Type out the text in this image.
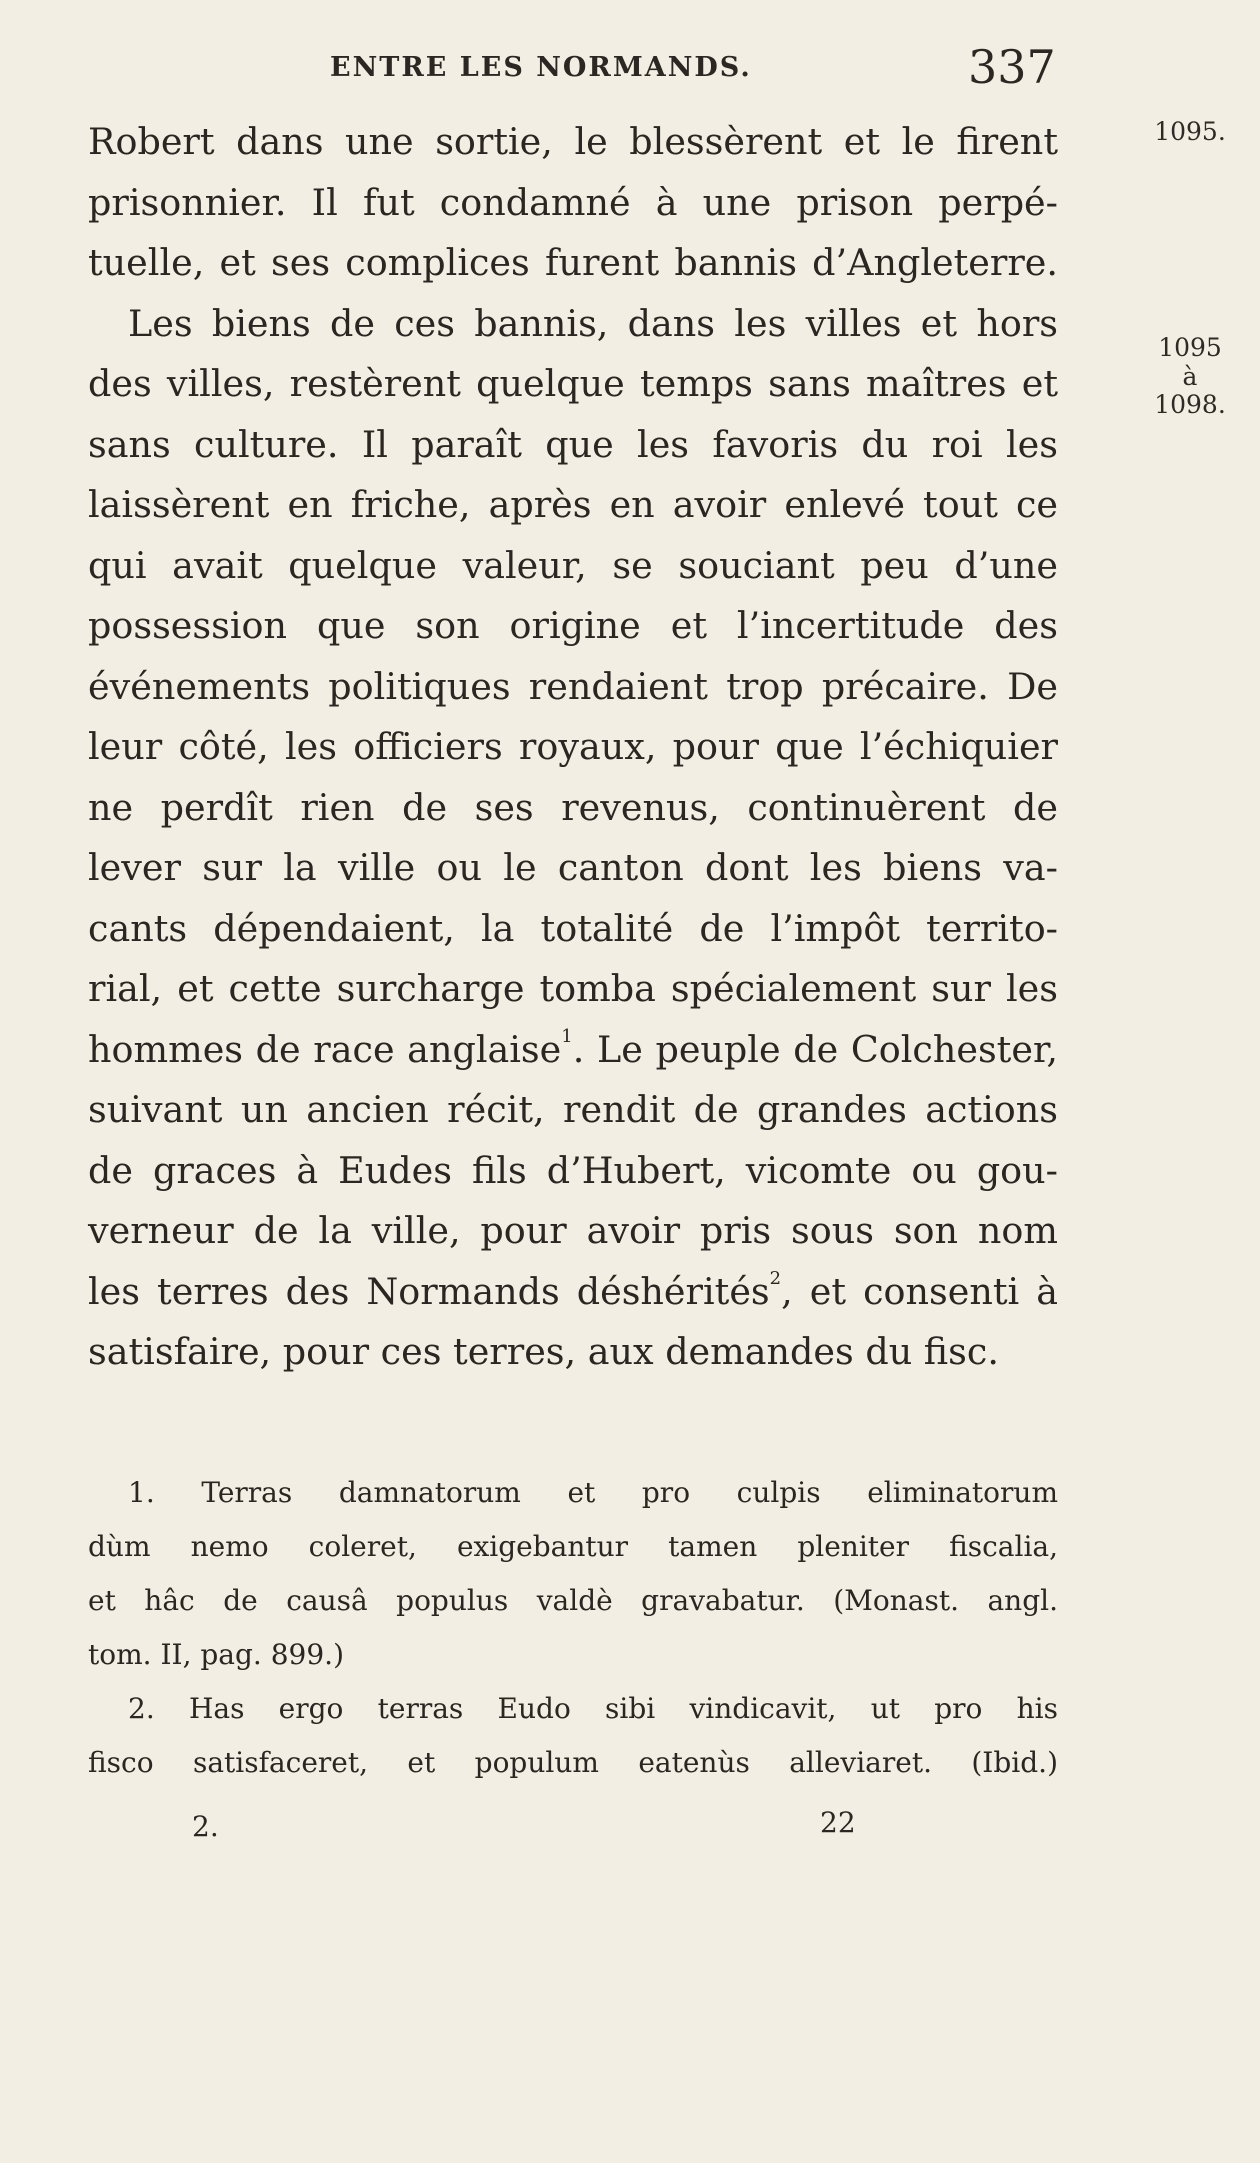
ENTRE LES NORMANDS.	337
1095.
1095
à
1098.
Robert dans une sortie, le blessèrent et le firent
prisonnier. Il fut condamné à une prison perpé-
tuelle, et ses complices furent bannis d’Angleterre.
Les biens de ces bannis, dans les villes et hors
des villes, restèrent quelque temps sans maîtres et
sans culture. Il paraît que les favoris du roi les
laissèrent en friche, après en avoir enlevé tout ce
qui avait quelque valeur, se souciant peu d’une
possession que son origine et l’incertitude des
événements politiques rendaient trop précaire. De
leur côté, les officiers royaux, pour que l’échiquier
ne perdît rien de ses revenus, continuèrent de
lever sur la ville ou le canton dont les biens va-
cants dépendaient, la totalité de l’impôt territo-
rial, et cette surcharge tomba spécialement sur les
hommes de race anglaise$^1$. Le peuple de Colchester,
suivant un ancien récit, rendit de grandes actions
de graces à Eudes fils d’Hubert, vicomte ou gou-
verneur de la ville, pour avoir pris sous son nom
les terres des Normands déshérités$^2$, et consenti à
satisfaire, pour ces terres, aux demandes du fisc.
1. Terras damnatorum et pro culpis eliminatorum
dùm nemo coleret, exigebantur tamen pleniter fiscalia,
et hâc de causâ populus valdè gravabatur. (Monast. angl.
tom. II, pag. 899.)
2. Has ergo terras Eudo sibi vindicavit, ut pro his
fisco satisfaceret, et populum eatenùs alleviaret. (Ibid.)
2.	22
